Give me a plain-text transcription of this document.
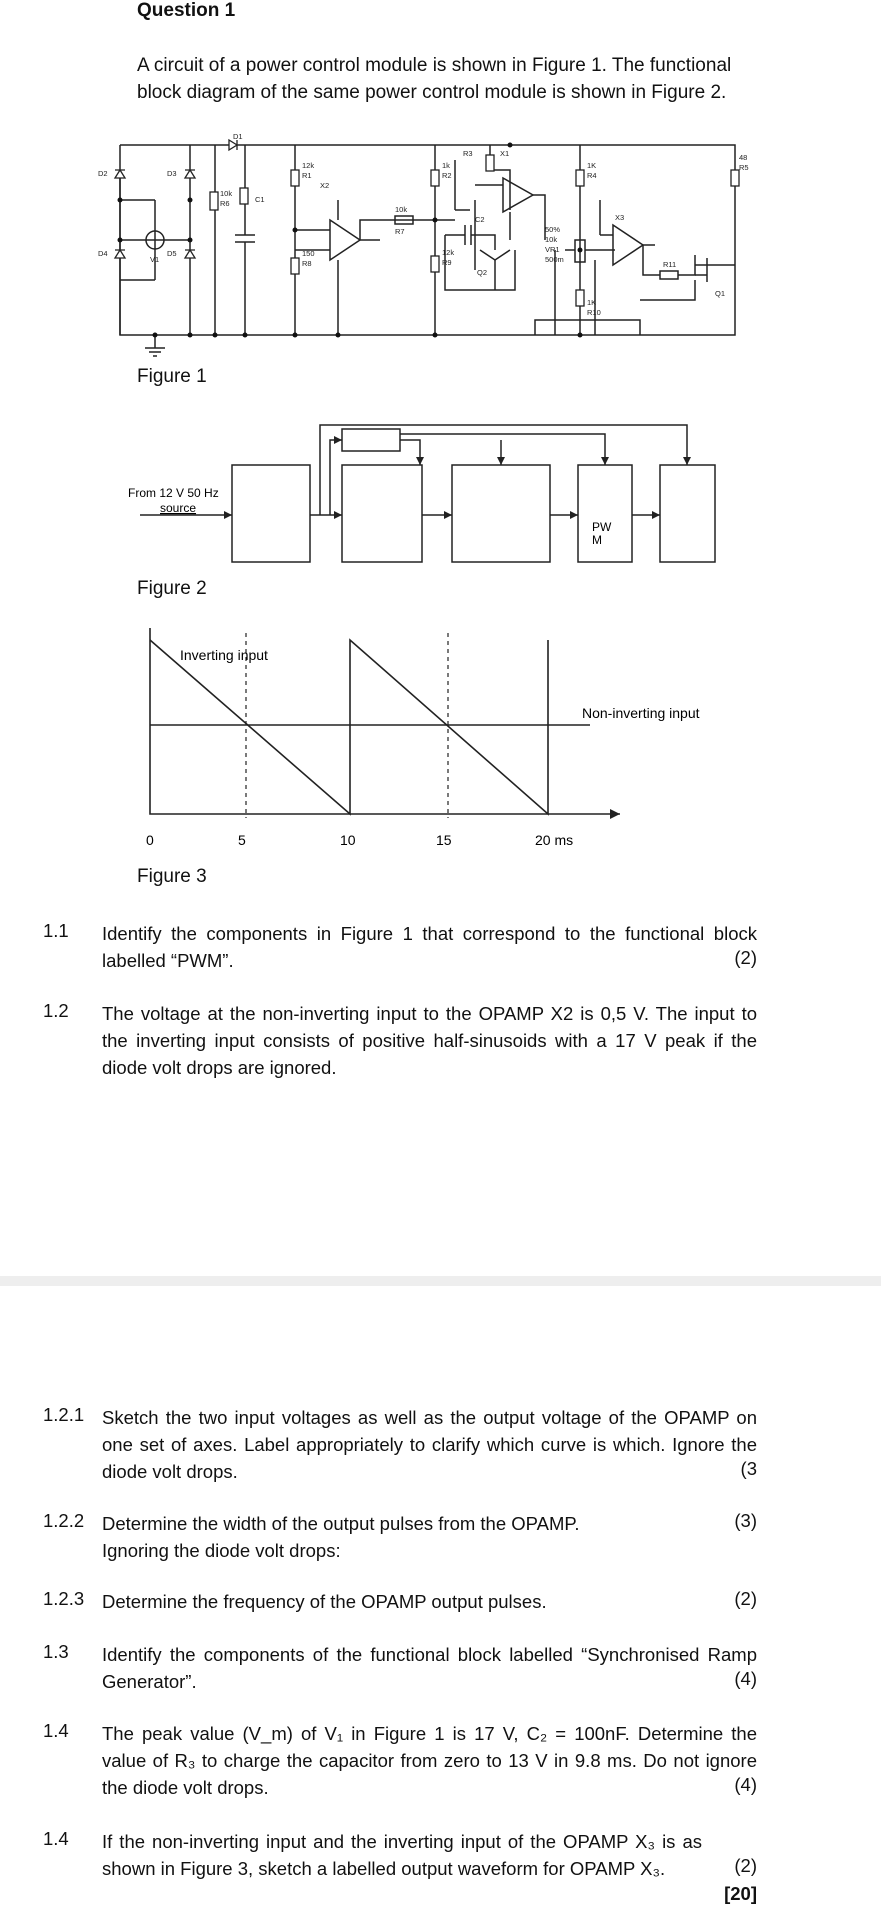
Question 1
A circuit of a power control module is shown in Figure 1. The functional block diagram of the same power control module is shown in Figure 2.
D1
D2	D3
D4	D5
V1
10k
R6	C1
12k
R1
X2
150
R8
10k
R7
1k
R2
R3
12k
R9
X1
C2
Q2
50%
10k
VR1
500m
1K
R4
1K
R10
X3
R11
Q1
48
R5
Figure 1
From 12 V 50 Hz
source
PW
M
Figure 2
Inverting input
Non-inverting input
0	5	10	15	20 ms
Figure 3
1.1 Identify the components in Figure 1 that correspond to the functional block labelled “PWM”.	(2)
1.2 The voltage at the non-inverting input to the OPAMP X2 is 0,5 V. The input to the inverting input consists of positive half-sinusoids with a 17 V peak if the diode volt drops are ignored.
1.2.1 Sketch the two input voltages as well as the output voltage of the OPAMP on one set of axes. Label appropriately to clarify which curve is which. Ignore the diode volt drops.	(3
1.2.2 Determine the width of the output pulses from the OPAMP.
Ignoring the diode volt drops:
(3)
1.2.3 Determine the frequency of the OPAMP output pulses.	(2)
1.3 Identify the components of the functional block labelled “Synchronised Ramp Generator”.	(4)
1.4 The peak value (V_m) of V₁ in Figure 1 is 17 V, C₂ = 100nF. Determine the value of R₃ to charge the capacitor from zero to 13 V in 9.8 ms. Do not ignore the diode volt drops.	(4)
1.4 If the non-inverting input and the inverting input of the OPAMP X₃ is as shown in Figure 3, sketch a labelled output waveform for OPAMP X₃.	(2)
[20]
